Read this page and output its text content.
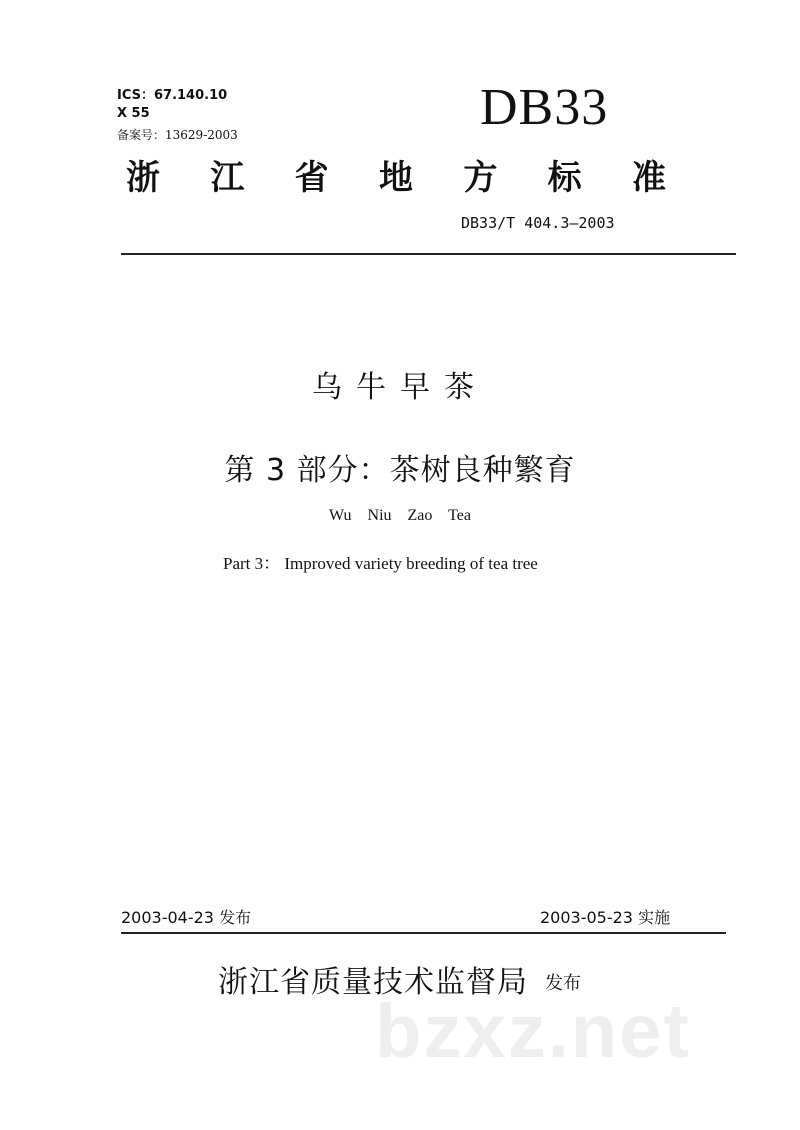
ICS：67.140.10
X 55
备案号：13629-2003	DB33
浙 江 省 地 方 标 准
DB33/T 404.3—2003
乌牛早茶
第 3 部分：茶树良种繁育
Wu Niu Zao Tea
Part 3： Improved variety breeding of tea tree
2003-04-23 发布	2003-05-23 实施
浙江省质量技术监督局 发布
bzxz.net
